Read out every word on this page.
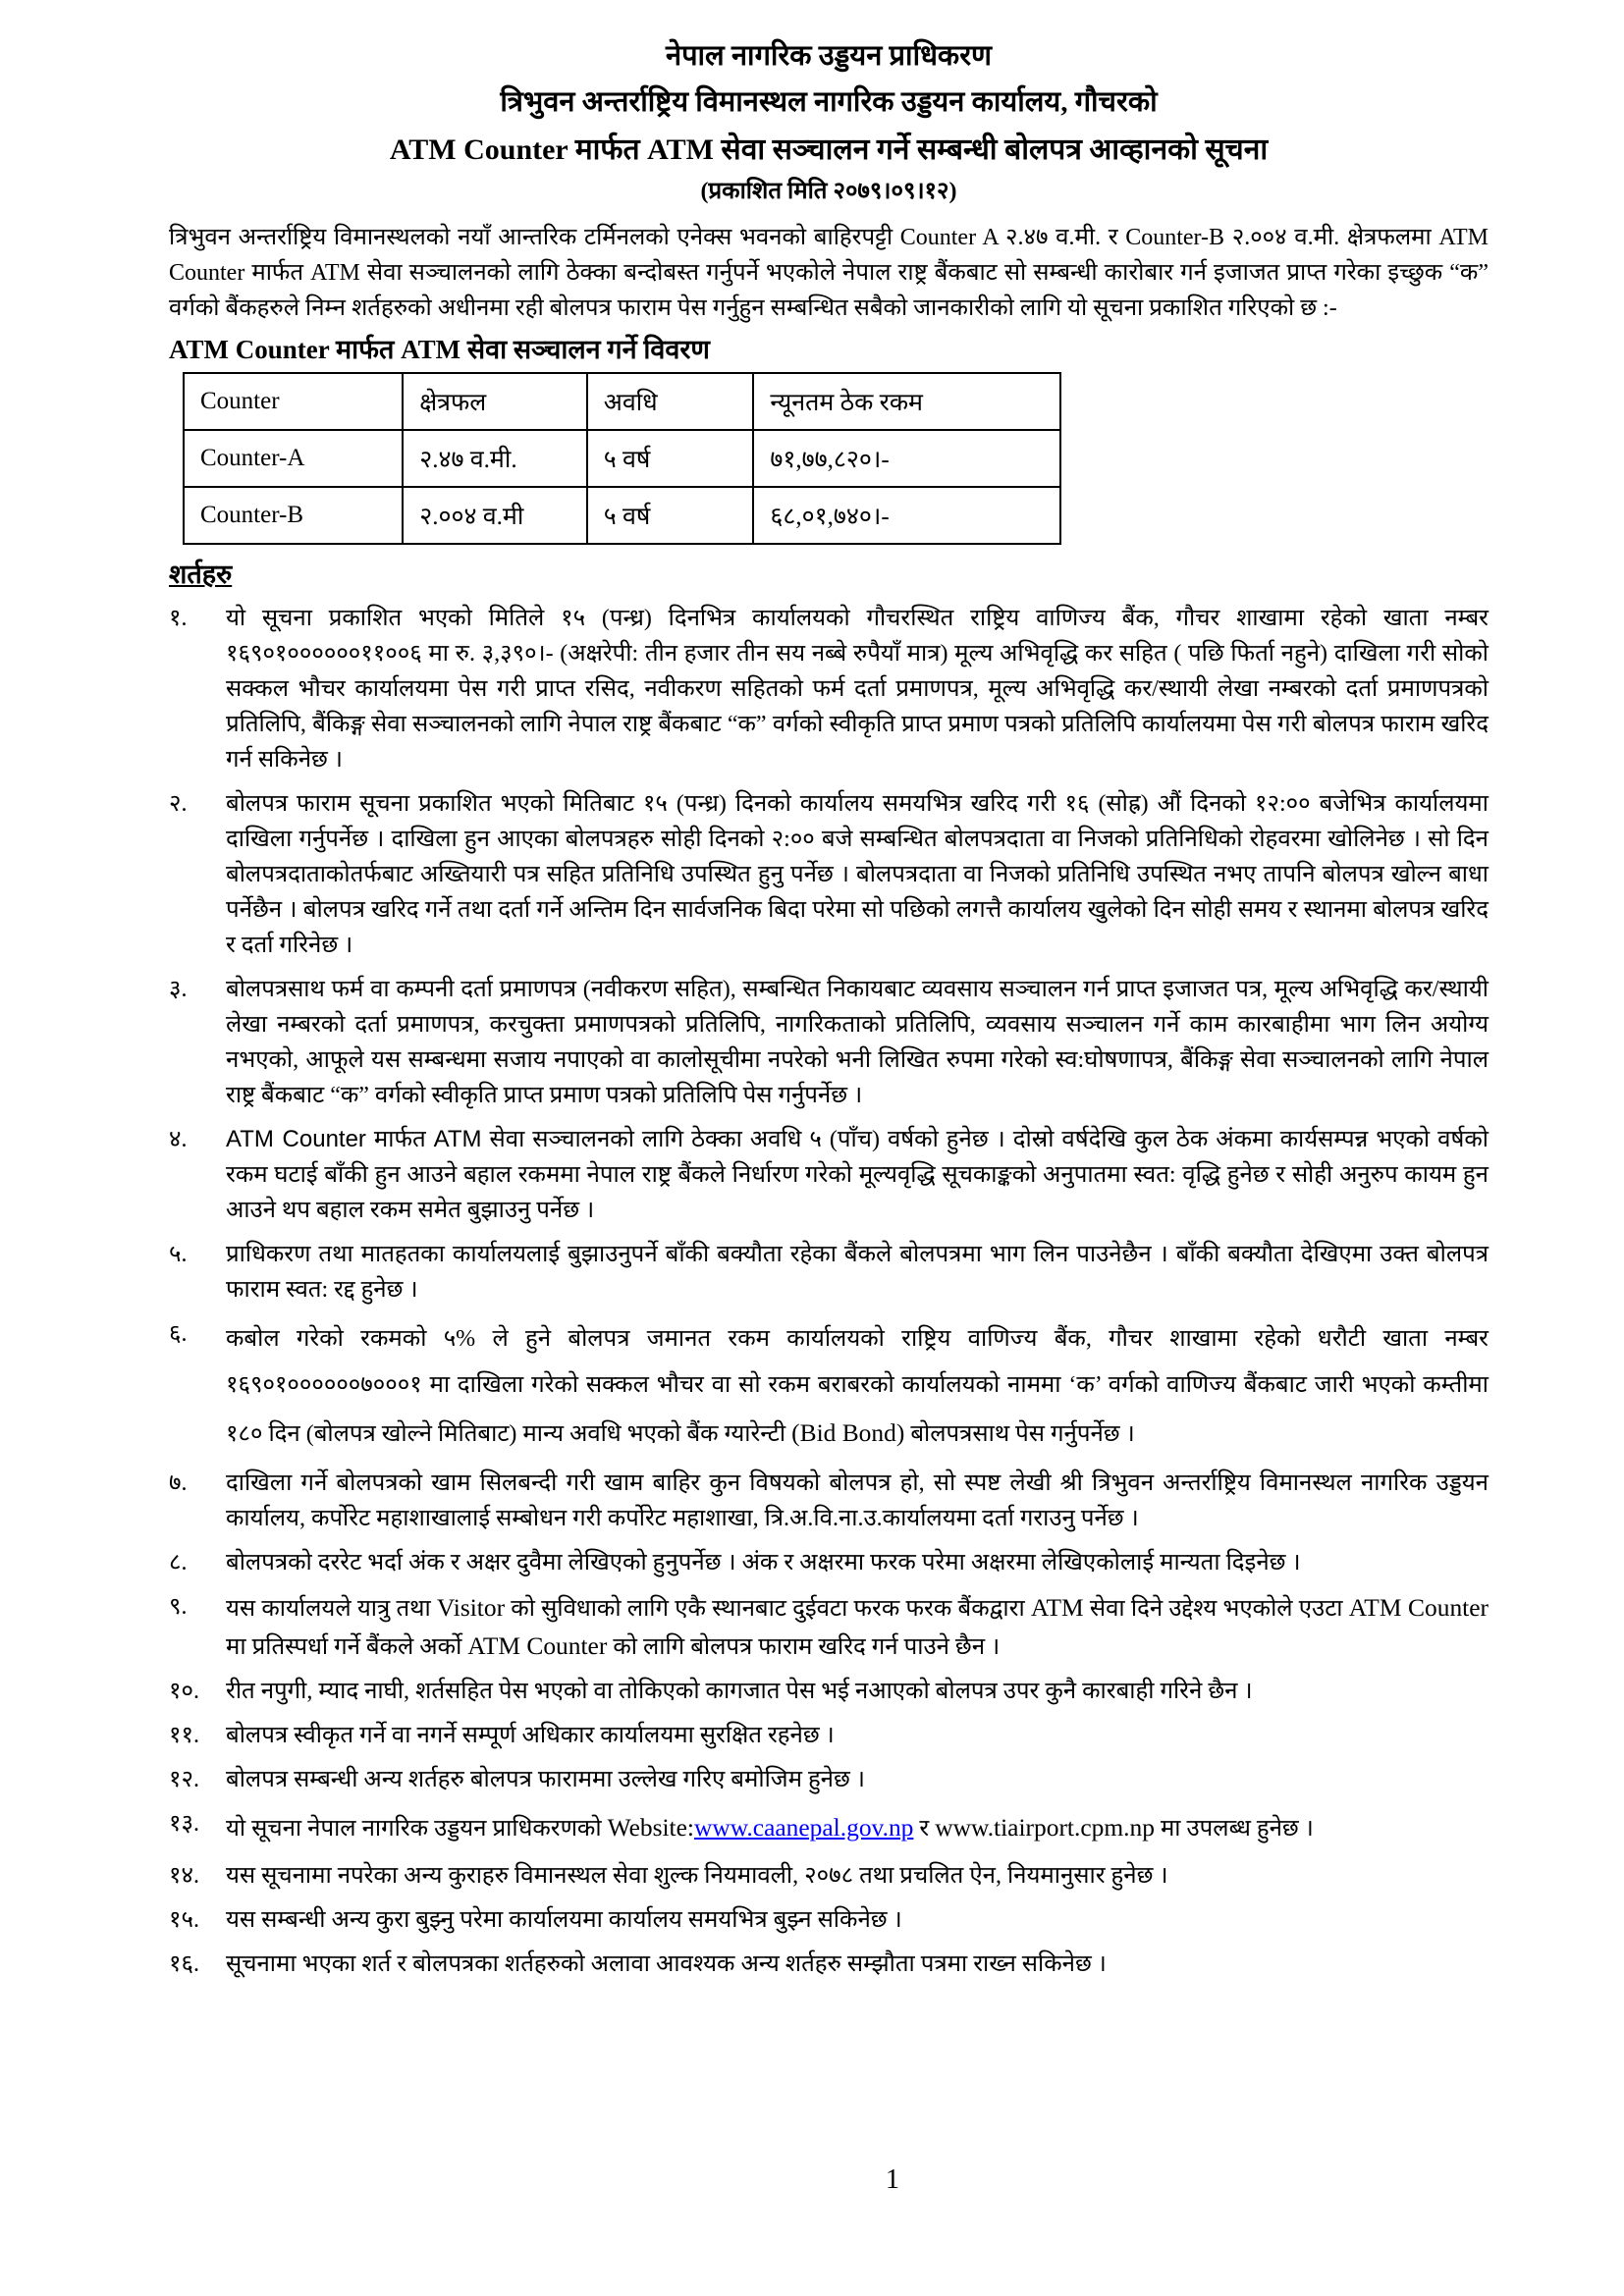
नेपाल नागरिक उड्डयन प्राधिकरण
त्रिभुवन अन्तर्राष्ट्रिय विमानस्थल नागरिक उड्डयन कार्यालय, गौचरको
ATM Counter मार्फत ATM सेवा सञ्चालन गर्ने सम्बन्धी बोलपत्र आव्हानको सूचना
(प्रकाशित मिति २०७९।०९।१२)

त्रिभुवन अन्तर्राष्ट्रिय विमानस्थलको नयाँ आन्तरिक टर्मिनलको एनेक्स भवनको बाहिरपट्टी Counter A २.४७ व.मी. र Counter-B २.००४ व.मी. क्षेत्रफलमा ATM Counter मार्फत ATM सेवा सञ्चालनको लागि ठेक्का बन्दोबस्त गर्नुपर्ने भएकोले नेपाल राष्ट्र बैंकबाट सो सम्बन्धी कारोबार गर्न इजाजत प्राप्त गरेका इच्छुक “क” वर्गको बैंकहरुले निम्न शर्तहरुको अधीनमा रही बोलपत्र फाराम पेस गर्नुहुन सम्बन्धित सबैको जानकारीको लागि यो सूचना प्रकाशित गरिएको छ :-

ATM Counter मार्फत ATM सेवा सञ्चालन गर्ने विवरण
Counter	क्षेत्रफल	अवधि	न्यूनतम ठेक रकम
Counter-A	२.४७ व.मी.	५ वर्ष	७१,७७,८२०।-
Counter-B	२.००४ व.मी	५ वर्ष	६८,०१,७४०।-
शर्तहरु
१.	यो सूचना प्रकाशित भएको मितिले १५ (पन्ध्र) दिनभित्र कार्यालयको गौचरस्थित राष्ट्रिय वाणिज्य बैंक, गौचर शाखामा रहेको खाता नम्बर १६९०१००००००११००६ मा रु. ३,३९०।- (अक्षरेपी: तीन हजार तीन सय नब्बे रुपैयाँ मात्र) मूल्य अभिवृद्धि कर सहित ( पछि फिर्ता नहुने) दाखिला गरी सोको सक्कल भौचर कार्यालयमा पेस गरी प्राप्त रसिद, नवीकरण सहितको फर्म दर्ता प्रमाणपत्र, मूल्य अभिवृद्धि कर/स्थायी लेखा नम्बरको दर्ता प्रमाणपत्रको प्रतिलिपि, बैंकिङ्ग सेवा सञ्चालनको लागि नेपाल राष्ट्र बैंकबाट “क” वर्गको स्वीकृति प्राप्त प्रमाण पत्रको प्रतिलिपि कार्यालयमा पेस गरी बोलपत्र फाराम खरिद गर्न सकिनेछ ।
२.	बोलपत्र फाराम सूचना प्रकाशित भएको मितिबाट १५ (पन्ध्र) दिनको कार्यालय समयभित्र खरिद गरी १६ (सोह्र) औं दिनको १२:०० बजेभित्र कार्यालयमा दाखिला गर्नुपर्नेछ । दाखिला हुन आएका बोलपत्रहरु सोही दिनको २:०० बजे सम्बन्धित बोलपत्रदाता वा निजको प्रतिनिधिको रोहवरमा खोलिनेछ । सो दिन बोलपत्रदाताकोतर्फबाट अख्तियारी पत्र सहित प्रतिनिधि उपस्थित हुनु पर्नेछ । बोलपत्रदाता वा निजको प्रतिनिधि उपस्थित नभए तापनि बोलपत्र खोल्न बाधा पर्नेछैन । बोलपत्र खरिद गर्ने तथा दर्ता गर्ने अन्तिम दिन सार्वजनिक बिदा परेमा सो पछिको लगत्तै कार्यालय खुलेको दिन सोही समय र स्थानमा बोलपत्र खरिद र दर्ता गरिनेछ ।
३.	बोलपत्रसाथ फर्म वा कम्पनी दर्ता प्रमाणपत्र (नवीकरण सहित), सम्बन्धित निकायबाट व्यवसाय सञ्चालन गर्न प्राप्त इजाजत पत्र, मूल्य अभिवृद्धि कर/स्थायी लेखा नम्बरको दर्ता प्रमाणपत्र, करचुक्ता प्रमाणपत्रको प्रतिलिपि, नागरिकताको प्रतिलिपि, व्यवसाय सञ्चालन गर्ने काम कारबाहीमा भाग लिन अयोग्य नभएको, आफूले यस सम्बन्धमा सजाय नपाएको वा कालोसूचीमा नपरेको भनी लिखित रुपमा गरेको स्व:घोषणापत्र, बैंकिङ्ग सेवा सञ्चालनको लागि नेपाल राष्ट्र बैंकबाट “क” वर्गको स्वीकृति प्राप्त प्रमाण पत्रको प्रतिलिपि पेस गर्नुपर्नेछ ।
४.	ATM Counter मार्फत ATM सेवा सञ्चालनको लागि ठेक्का अवधि ५ (पाँच) वर्षको हुनेछ । दोस्रो वर्षदेखि कुल ठेक अंकमा कार्यसम्पन्न भएको वर्षको रकम घटाई बाँकी हुन आउने बहाल रकममा नेपाल राष्ट्र बैंकले निर्धारण गरेको मूल्यवृद्धि सूचकाङ्कको अनुपातमा स्वत: वृद्धि हुनेछ र सोही अनुरुप कायम हुन आउने थप बहाल रकम समेत बुझाउनु पर्नेछ ।
५.	प्राधिकरण तथा मातहतका कार्यालयलाई बुझाउनुपर्ने बाँकी बक्यौता रहेका बैंकले बोलपत्रमा भाग लिन पाउनेछैन । बाँकी बक्यौता देखिएमा उक्त बोलपत्र फाराम स्वत: रद्द हुनेछ ।
६.	कबोल गरेको रकमको ५% ले हुने बोलपत्र जमानत रकम कार्यालयको राष्ट्रिय वाणिज्य बैंक, गौचर शाखामा रहेको धरौटी खाता नम्बर १६९०१००००००७०००१ मा दाखिला गरेको सक्कल भौचर वा सो रकम बराबरको कार्यालयको नाममा ‘क’ वर्गको वाणिज्य बैंकबाट जारी भएको कम्तीमा १८० दिन (बोलपत्र खोल्ने मितिबाट) मान्य अवधि भएको बैंक ग्यारेन्टी (Bid Bond) बोलपत्रसाथ पेस गर्नुपर्नेछ ।
७.	दाखिला गर्ने बोलपत्रको खाम सिलबन्दी गरी खाम बाहिर कुन विषयको बोलपत्र हो, सो स्पष्ट लेखी श्री त्रिभुवन अन्तर्राष्ट्रिय विमानस्थल नागरिक उड्डयन कार्यालय, कर्पोरेट महाशाखालाई सम्बोधन गरी कर्पोरेट महाशाखा, त्रि.अ.वि.ना.उ.कार्यालयमा दर्ता गराउनु पर्नेछ ।
८.	बोलपत्रको दररेट भर्दा अंक र अक्षर दुवैमा लेखिएको हुनुपर्नेछ । अंक र अक्षरमा फरक परेमा अक्षरमा लेखिएकोलाई मान्यता दिइनेछ ।
९.	यस कार्यालयले यात्रु तथा Visitor को सुविधाको लागि एकै स्थानबाट दुईवटा फरक फरक बैंकद्वारा ATM सेवा दिने उद्देश्य भएकोले एउटा ATM Counter मा प्रतिस्पर्धा गर्ने बैंकले अर्को ATM Counter को लागि बोलपत्र फाराम खरिद गर्न पाउने छैन ।
१०.	रीत नपुगी, म्याद नाघी, शर्तसहित पेस भएको वा तोकिएको कागजात पेस भई नआएको बोलपत्र उपर कुनै कारबाही गरिने छैन ।
११.	बोलपत्र स्वीकृत गर्ने वा नगर्ने सम्पूर्ण अधिकार कार्यालयमा सुरक्षित रहनेछ ।
१२.	बोलपत्र सम्बन्धी अन्य शर्तहरु बोलपत्र फाराममा उल्लेख गरिए बमोजिम हुनेछ ।
१३.	यो सूचना नेपाल नागरिक उड्डयन प्राधिकरणको Website:www.caanepal.gov.np र www.tiairport.cpm.np मा उपलब्ध हुनेछ ।
१४.	यस सूचनामा नपरेका अन्य कुराहरु विमानस्थल सेवा शुल्क नियमावली, २०७८ तथा प्रचलित ऐन, नियमानुसार हुनेछ ।
१५.	यस सम्बन्धी अन्य कुरा बुझ्नु परेमा कार्यालयमा कार्यालय समयभित्र बुझ्न सकिनेछ ।
१६.	सूचनामा भएका शर्त र बोलपत्रका शर्तहरुको अलावा आवश्यक अन्य शर्तहरु सम्झौता पत्रमा राख्न सकिनेछ ।
1
